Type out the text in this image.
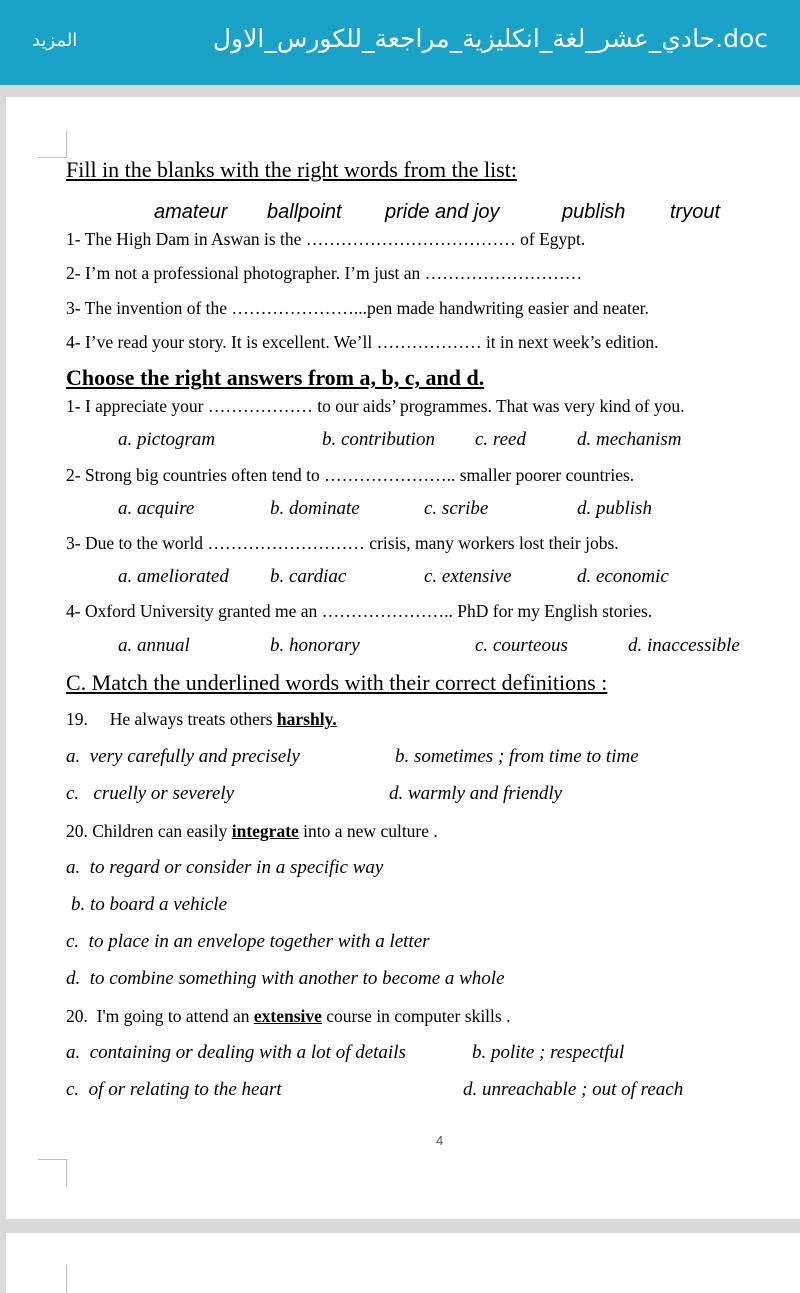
المزيد	حادي_عشر_لغة_انكليزية_مراجعة_للكورس_الاول.doc
Fill in the blanks with the right words from the list:
amateur ballpoint pride and joy	publish tryout
1- The High Dam in Aswan is the ……………………………… of Egypt.
2- I’m not a professional photographer. I’m just an ………………………
3- The invention of the …………………...pen made handwriting easier and neater.
4- I’ve read your story. It is excellent. We’ll ……………… it in next week’s edition.
Choose the right answers from a, b, c, and d.
1- I appreciate your ……………… to our aids’ programmes. That was very kind of you.
a. pictogram	b. contribution c. reed	d. mechanism
2- Strong big countries often tend to ………………….. smaller poorer countries.
a. acquire	b. dominate	c. scribe	d. publish
3- Due to the world ……………………… crisis, many workers lost their jobs.
a. ameliorated b. cardiac	c. extensive	d. economic
4- Oxford University granted me an ………………….. PhD for my English stories.
a. annual	b. honorary	c. courteous	d. inaccessible
C. Match the underlined words with their correct definitions :
19.     He always treats others harshly.
a.  very carefully and precisely	b. sometimes ; from time to time
c.   cruelly or severely	d. warmly and friendly
20. Children can easily integrate into a new culture .
a.  to regard or consider in a specific way
b. to board a vehicle
c.  to place in an envelope together with a letter
d.  to combine something with another to become a whole
20.  I'm going to attend an extensive course in computer skills .
a.  containing or dealing with a lot of details	b. polite ; respectful
c.  of or relating to the heart	d. unreachable ; out of reach
4
